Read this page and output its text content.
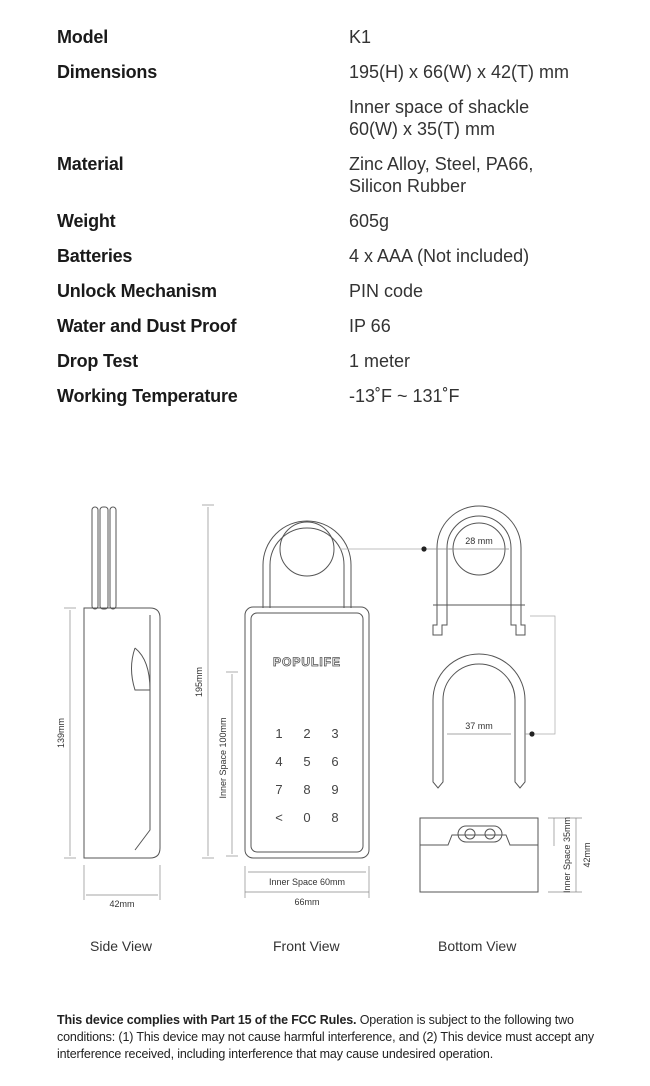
Model	K1
Dimensions	195(H) x 66(W) x 42(T) mm
Inner space of shackle
60(W) x 35(T) mm
Material	Zinc Alloy, Steel, PA66,
Silicon Rubber
Weight	605g
Batteries	4 x AAA (Not included)
Unlock Mechanism	PIN code
Water and Dust Proof	IP 66
Drop Test	1 meter
Working Temperature	-13˚F ~ 131˚F
POPULIFE
1 2 3
4 5 6
7 8 9
< 0 8
139mm
42mm
195mm
Inner Space 100mm
Inner Space 60mm
66mm
28 mm
37 mm
Inner Space 35mm 42mm
Side View	Front View	Bottom View
This device complies with Part 15 of the FCC Rules. Operation is subject to the following two conditions: (1) This device may not cause harmful interference, and (2) This device must accept any interference received, including interference that may cause undesired operation.
